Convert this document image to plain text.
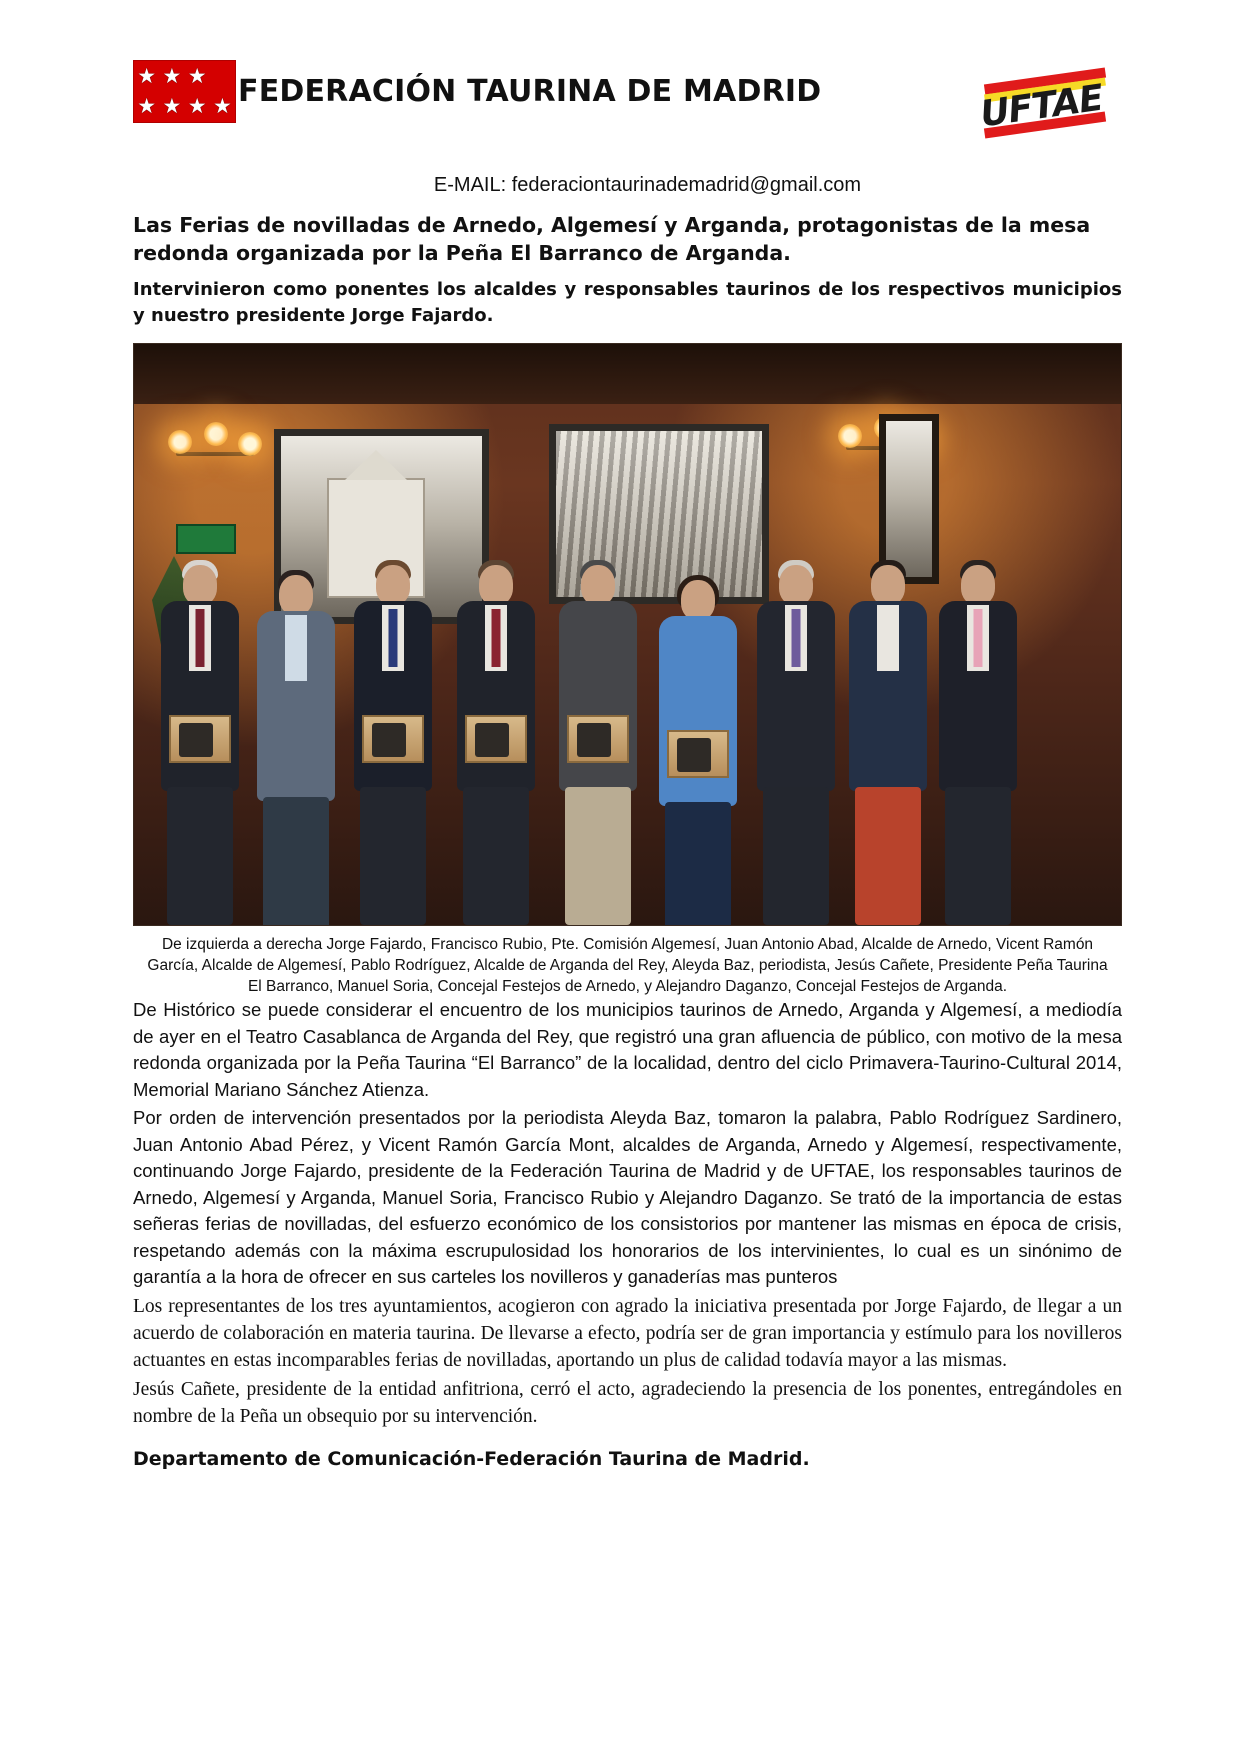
★ ★ ★
★ ★ ★ ★ FEDERACIÓN TAURINA DE MADRID	UFTAE
E-MAIL: federaciontaurinademadrid@gmail.com
Las Ferias de novilladas de Arnedo, Algemesí y Arganda, protagonistas de la mesa redonda organizada por la Peña El Barranco de Arganda.
Intervinieron como ponentes los alcaldes y responsables taurinos de los respectivos municipios y nuestro presidente Jorge Fajardo.
De izquierda a derecha Jorge Fajardo, Francisco Rubio, Pte. Comisión Algemesí, Juan Antonio Abad, Alcalde de Arnedo, Vicent Ramón García, Alcalde de Algemesí, Pablo Rodríguez, Alcalde de Arganda del Rey, Aleyda Baz, periodista, Jesús Cañete, Presidente Peña Taurina El Barranco, Manuel Soria, Concejal Festejos de Arnedo, y Alejandro Daganzo, Concejal Festejos de Arganda.

De Histórico se puede considerar el encuentro de los municipios taurinos de Arnedo, Arganda y Algemesí, a mediodía de ayer en el Teatro Casablanca de Arganda del Rey, que registró una gran afluencia de público, con motivo de la mesa redonda organizada por la Peña Taurina “El Barranco” de la localidad, dentro del ciclo Primavera-Taurino-Cultural 2014, Memorial Mariano Sánchez Atienza.

Por orden de intervención presentados por la periodista Aleyda Baz, tomaron la palabra, Pablo Rodríguez Sardinero, Juan Antonio Abad Pérez, y Vicent Ramón García Mont, alcaldes de Arganda, Arnedo y Algemesí, respectivamente, continuando Jorge Fajardo, presidente de la Federación Taurina de Madrid y de UFTAE, los responsables taurinos de Arnedo, Algemesí y Arganda, Manuel Soria, Francisco Rubio y Alejandro Daganzo. Se trató de la importancia de estas señeras ferias de novilladas, del esfuerzo económico de los consistorios por mantener las mismas en época de crisis, respetando además con la máxima escrupulosidad los honorarios de los intervinientes, lo cual es un sinónimo de garantía a la hora de ofrecer en sus carteles los novilleros y ganaderías mas punteros

Los representantes de los tres ayuntamientos, acogieron con agrado la iniciativa presentada por Jorge Fajardo, de llegar a un acuerdo de colaboración en materia taurina. De llevarse a efecto, podría ser de gran importancia y estímulo para los novilleros actuantes en estas incomparables ferias de novilladas, aportando un plus de calidad todavía mayor a las mismas.

Jesús Cañete, presidente de la entidad anfitriona, cerró el acto, agradeciendo la presencia de los ponentes, entregándoles en nombre de la Peña un obsequio por su intervención.

Departamento de Comunicación-Federación Taurina de Madrid.
